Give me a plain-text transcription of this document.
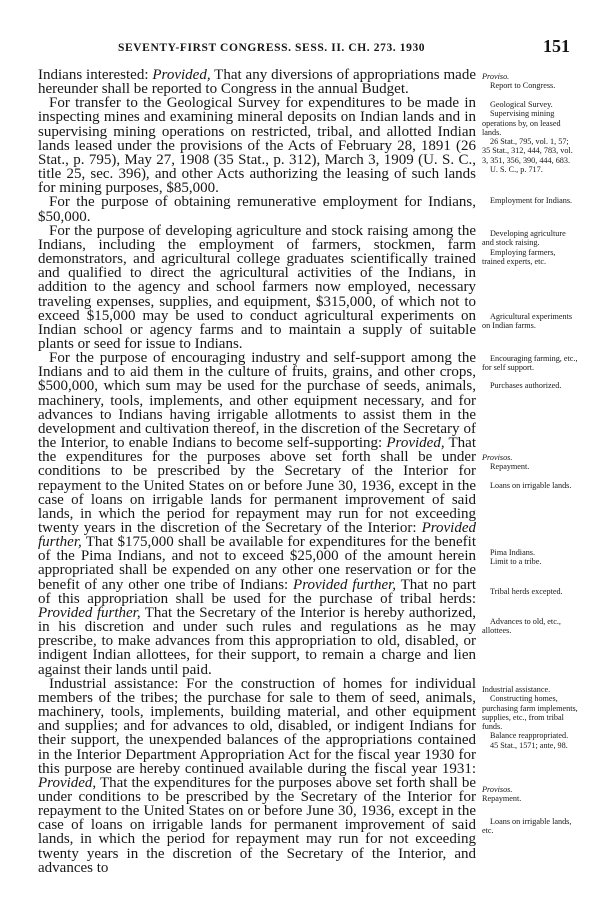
SEVENTY-FIRST CONGRESS. SESS. II. CH. 273. 1930	151

Indians interested: Provided, That any diversions of appropriations made hereunder shall be reported to Congress in the annual Budget.

For transfer to the Geological Survey for expenditures to be made in inspecting mines and examining mineral deposits on Indian lands and in supervising mining operations on restricted, tribal, and allotted Indian lands leased under the provisions of the Acts of February 28, 1891 (26 Stat., p. 795), May 27, 1908 (35 Stat., p. 312), March 3, 1909 (U. S. C., title 25, sec. 396), and other Acts authorizing the leasing of such lands for mining purposes, $85,000.

For the purpose of obtaining remunerative employment for Indians, $50,000.

For the purpose of developing agriculture and stock raising among the Indians, including the employment of farmers, stockmen, farm demonstrators, and agricultural college graduates scientifically trained and qualified to direct the agricultural activities of the Indians, in addition to the agency and school farmers now employed, necessary traveling expenses, supplies, and equipment, $315,000, of which not to exceed $15,000 may be used to conduct agricultural experiments on Indian school or agency farms and to maintain a supply of suitable plants or seed for issue to Indians.

For the purpose of encouraging industry and self-support among the Indians and to aid them in the culture of fruits, grains, and other crops, $500,000, which sum may be used for the purchase of seeds, animals, machinery, tools, implements, and other equipment necessary, and for advances to Indians having irrigable allotments to assist them in the development and cultivation thereof, in the discretion of the Secretary of the Interior, to enable Indians to become self-supporting: Provided, That the expenditures for the purposes above set forth shall be under conditions to be prescribed by the Secretary of the Interior for repayment to the United States on or before June 30, 1936, except in the case of loans on irrigable lands for permanent improvement of said lands, in which the period for repayment may run for not exceeding twenty years in the discretion of the Secretary of the Interior: Provided further, That $175,000 shall be available for expenditures for the benefit of the Pima Indians, and not to exceed $25,000 of the amount herein appropriated shall be expended on any other one reservation or for the benefit of any other one tribe of Indians: Provided further, That no part of this appropriation shall be used for the purchase of tribal herds: Provided further, That the Secretary of the Interior is hereby authorized, in his discretion and under such rules and regulations as he may prescribe, to make advances from this appropriation to old, disabled, or indigent Indian allottees, for their support, to remain a charge and lien against their lands until paid.

Industrial assistance: For the construction of homes for individual members of the tribes; the purchase for sale to them of seed, animals, machinery, tools, implements, building material, and other equipment and supplies; and for advances to old, disabled, or indigent Indians for their support, the unexpended balances of the appropriations contained in the Interior Department Appropriation Act for the fiscal year 1930 for this purpose are hereby continued available during the fiscal year 1931: Provided, That the expenditures for the purposes above set forth shall be under conditions to be prescribed by the Secretary of the Interior for repayment to the United States on or before June 30, 1936, except in the case of loans on irrigable lands for permanent improvement of said lands, in which the period for repayment may run for not exceeding twenty years in the discretion of the Secretary of the Interior, and advances to

Proviso.
Report to Congress.
Geological Survey.
Supervising mining operations by, on leased lands.
26 Stat., 795, vol. 1, 57; 35 Stat., 312, 444, 783, vol. 3, 351, 356, 390, 444, 683.
U. S. C., p. 717.
Employment for Indians.
Developing agriculture and stock raising.
Employing farmers, trained experts, etc.
Agricultural experiments on Indian farms.
Encouraging farming, etc., for self support.
Purchases authorized.
Provisos.
Repayment.
Loans on irrigable lands.
Pima Indians.
Limit to a tribe.
Tribal herds excepted.
Advances to old, etc., allottees.
Industrial assistance.
Constructing homes, purchasing farm implements, supplies, etc., from tribal funds.
Balance reappropriated.
45 Stat., 1571; ante, 98.
Provisos.
Repayment.
Loans on irrigable lands, etc.
